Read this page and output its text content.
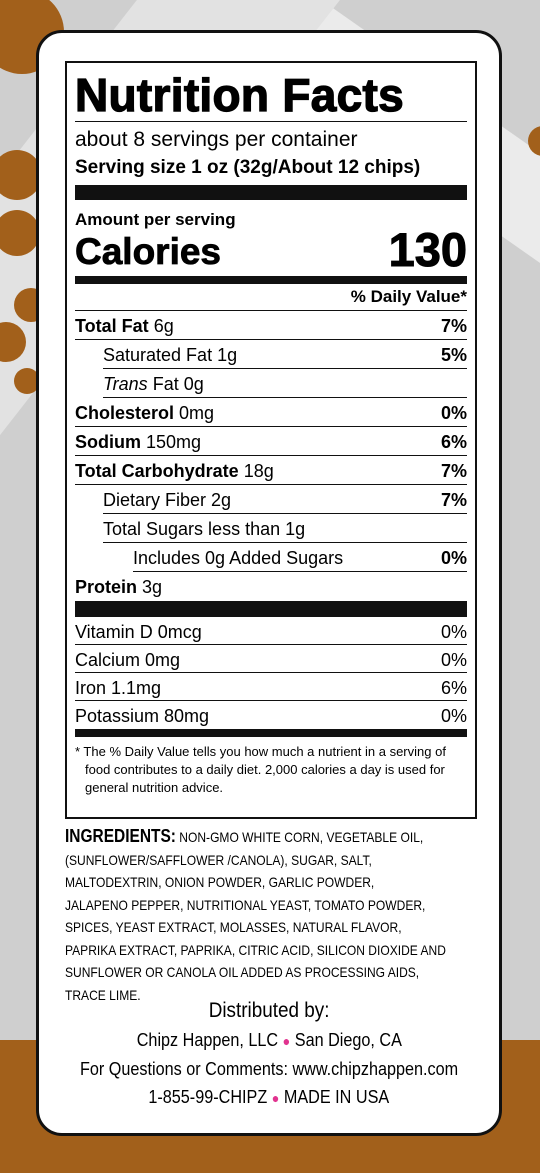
Nutrition Facts
about 8 servings per container
Serving size 1 oz (32g/About 12 chips)
Amount per serving
Calories	130
% Daily Value*
Total Fat 6g	7%
Saturated Fat 1g	5%
Trans Fat 0g
Cholesterol 0mg	0%
Sodium 150mg	6%
Total Carbohydrate 18g	7%
Dietary Fiber 2g	7%
Total Sugars less than 1g
Includes 0g Added Sugars	0%
Protein 3g
Vitamin D 0mcg	0%
Calcium 0mg	0%
Iron 1.1mg	6%
Potassium 80mg	0%
* The % Daily Value tells you how much a nutrient in a serving of food contributes to a daily diet. 2,000 calories a day is used for general nutrition advice.
INGREDIENTS: NON-GMO WHITE CORN, VEGETABLE OIL,
(SUNFLOWER/SAFFLOWER /CANOLA), SUGAR, SALT,
MALTODEXTRIN, ONION POWDER, GARLIC POWDER,
JALAPENO PEPPER, NUTRITIONAL YEAST, TOMATO POWDER,
SPICES, YEAST EXTRACT, MOLASSES, NATURAL FLAVOR,
PAPRIKA EXTRACT, PAPRIKA, CITRIC ACID, SILICON DIOXIDE AND
SUNFLOWER OR CANOLA OIL ADDED AS PROCESSING AIDS,
TRACE LIME.
Distributed by:
Chipz Happen, LLC ● San Diego, CA
For Questions or Comments: www.chipzhappen.com
1-855-99-CHIPZ ● MADE IN USA
